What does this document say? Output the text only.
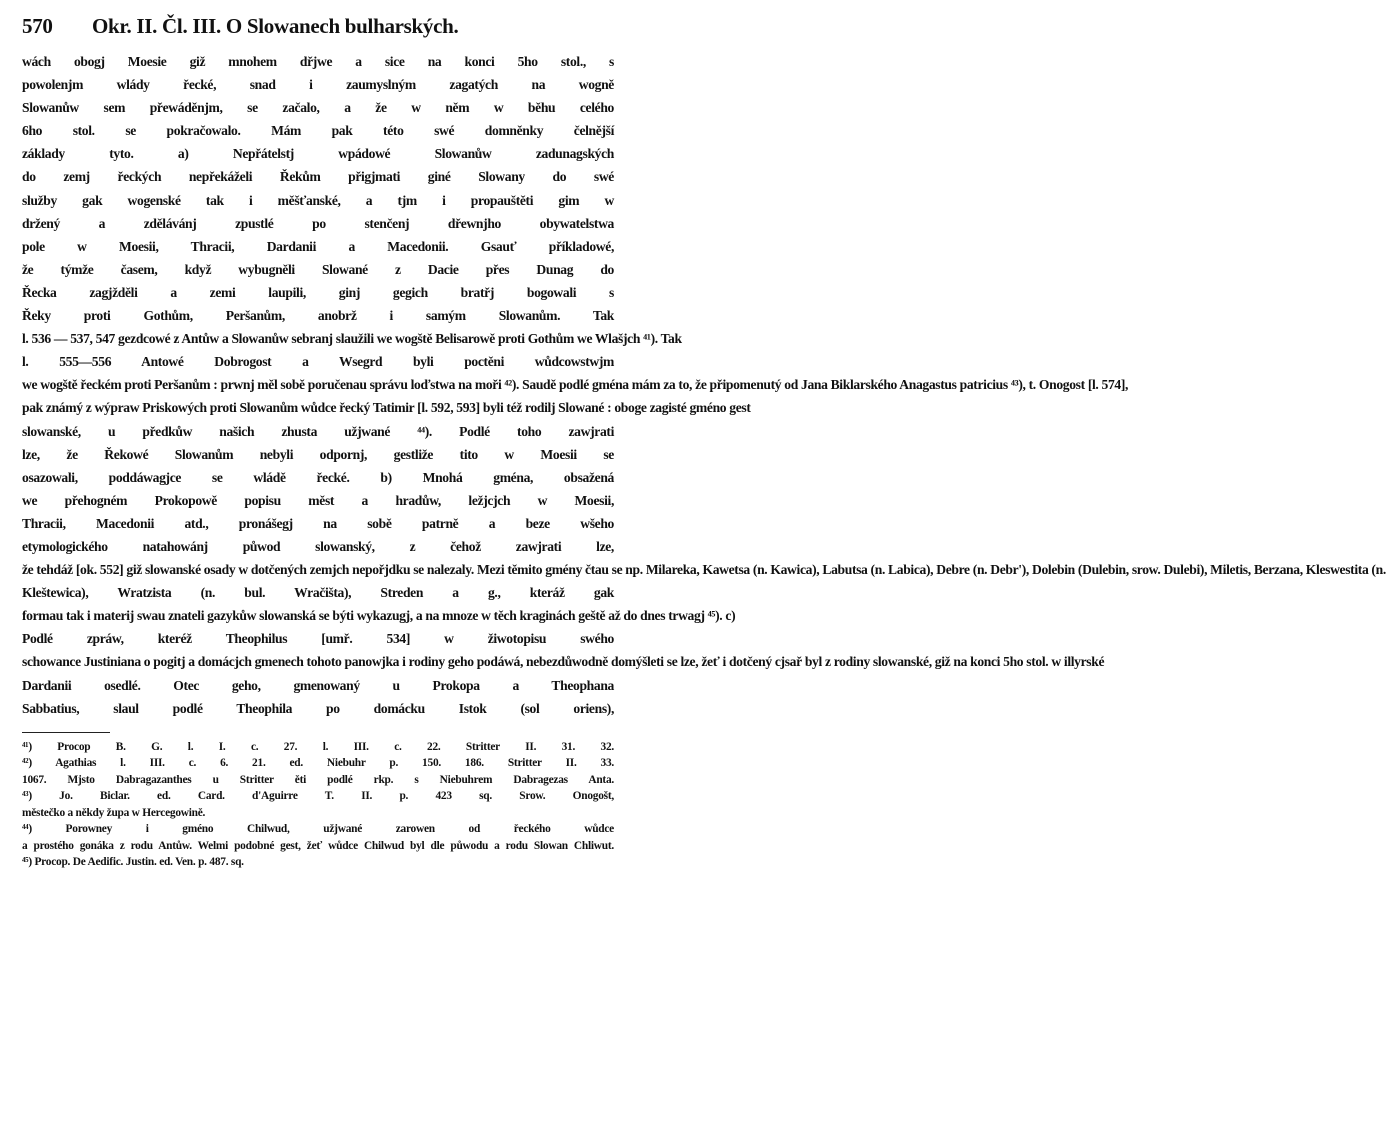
570	Okr. II. Čl. III. O Slowanech bulharských.
wách obogj Moesie giž mnohem dřjwe a sice na konci 5ho stol., s
powolenjm wlády řecké, snad i zaumyslným zagatých na wogně
Slowanůw sem přewáděnjm, se začalo, a že w něm w běhu celého
6ho stol. se pokračowalo. Mám pak této swé domněnky čelnější
základy tyto. a) Nepřátelstj wpádowé Slowanůw zadunagských
do zemj řeckých nepřekáželi Řekům přigjmati giné Slowany do swé
služby gak wogenské tak i měšťanské, a tjm i propauštěti gim w
držený a zdělávánj zpustlé po stenčenj dřewnjho obywatelstwa
pole w Moesii, Thracii, Dardanii a Macedonii. Gsauť příkladowé,
že týmže časem, když wybugněli Slowané z Dacie přes Dunag do
Řecka zagjžděli a zemi laupili, ginj gegich bratřj bogowali s
Řeky proti Gothům, Peršanům, anobrž i samým Slowanům. Tak
l. 536 — 537, 547 gezdcowé z Antůw a Slowanůw sebranj slaužili we wogště Belisarowě proti Gothům we Wlašjch ⁴¹). Tak
l. 555—556 Antowé Dobrogost a Wsegrd byli poctěni wůdcowstwjm
we wogště řeckém proti Peršanům : prwnj měl sobě poručenau správu loďstwa na moři ⁴²). Saudě podlé gména mám za to, že připomenutý od Jana Biklarského Anagastus patricius ⁴³), t. Onogost [l. 574],
pak známý z wýpraw Priskowých proti Slowanům wůdce řecký Tatimir [l. 592, 593] byli též rodilj Slowané : oboge zagisté gméno gest
slowanské, u předkůw našich zhusta užjwané ⁴⁴). Podlé toho zawjrati
lze, že Řekowé Slowanům nebyli odpornj, gestliže tito w Moesii se
osazowali, poddáwagjce se wládě řecké. b) Mnohá gména, obsažená
we přehogném Prokopowě popisu měst a hradůw, ležjcjch w Moesii,
Thracii, Macedonii atd., pronášegj na sobě patrně a beze wšeho
etymologického natahowánj půwod slowanský, z čehož zawjrati lze,
že tehdáž [ok. 552] giž slowanské osady w dotčených zemjch nepořjdku se nalezaly. Mezi těmito gmény čtau se np. Milareka, Kawetsa (n. Kawica), Labutsa (n. Labica), Debre (n. Debr'), Dolebin (Dulebin, srow. Dulebi), Miletis, Berzana, Kleswestita (n.
Kleštewica), Wratzista (n. bul. Wračišta), Streden a g., kteráž gak
formau tak i materij swau znateli gazykůw slowanská se býti wykazugj, a na mnoze w těch kraginách geště až do dnes trwagj ⁴⁵). c)
Podlé zpráw, kteréž Theophilus [umř. 534] w žiwotopisu swého
schowance Justiniana o pogitj a domácjch gmenech tohoto panowjka i rodiny geho podáwá, nebezdůwodně domýšleti se lze, žeť i dotčený cjsař byl z rodiny slowanské, giž na konci 5ho stol. w illyrské
Dardanii osedlé. Otec geho, gmenowaný u Prokopa a Theophana
Sabbatius, slaul podlé Theophila po domácku Istok (sol oriens),
⁴¹) Procop B. G. l. I. c. 27. l. III. c. 22. Stritter II. 31. 32.
⁴²) Agathias l. III. c. 6. 21. ed. Niebuhr p. 150. 186. Stritter II. 33.
1067. Mjsto Dabragazanthes u Stritter ěti podlé rkp. s Niebuhrem Dabragezas Anta.
⁴³) Jo. Biclar. ed. Card. d'Aguirre T. II. p. 423 sq. Srow. Onogošt,
městečko a někdy župa w Hercegowině.
⁴⁴) Porowney i gméno Chilwud, užjwané zarowen od řeckého wůdce
a prostého gonáka z rodu Antůw. Welmi podobné gest, žeť wůdce Chilwud byl dle půwodu a rodu Slowan Chliwut.
⁴⁵) Procop. De Aedific. Justin. ed. Ven. p. 487. sq.
